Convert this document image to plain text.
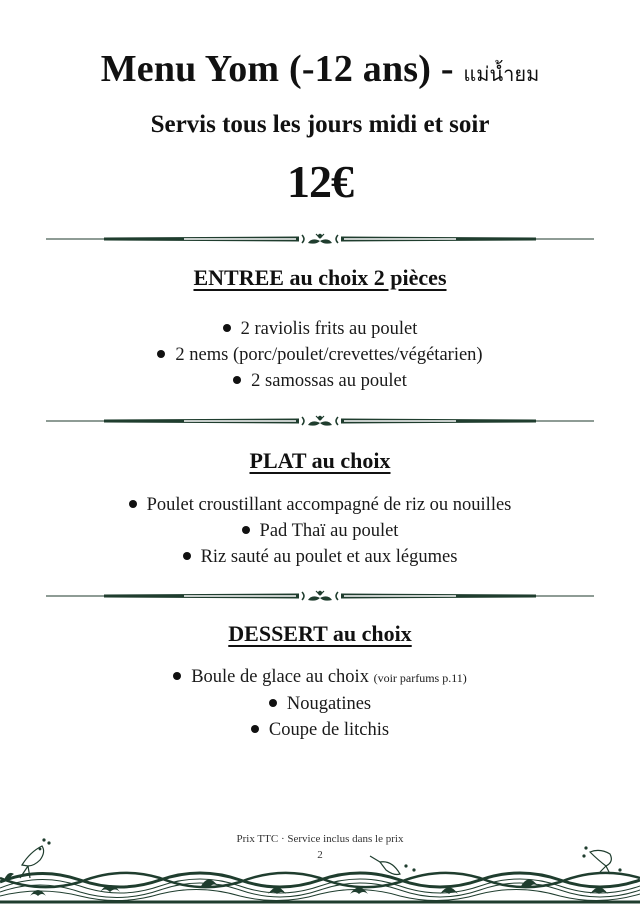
Menu Yom (-12 ans) - แม่น้ำยม
Servis tous les jours midi et soir
12€
ENTREE au choix 2 pièces
2 raviolis frits au poulet
2 nems (porc/poulet/crevettes/végétarien)
2 samossas au poulet
PLAT au choix
Poulet croustillant accompagné de riz ou nouilles
Pad Thaï au poulet
Riz sauté au poulet et aux légumes
DESSERT au choix
Boule de glace au choix (voir parfums p.11)
Nougatines
Coupe de litchis
Prix TTC · Service inclus dans le prix
2
